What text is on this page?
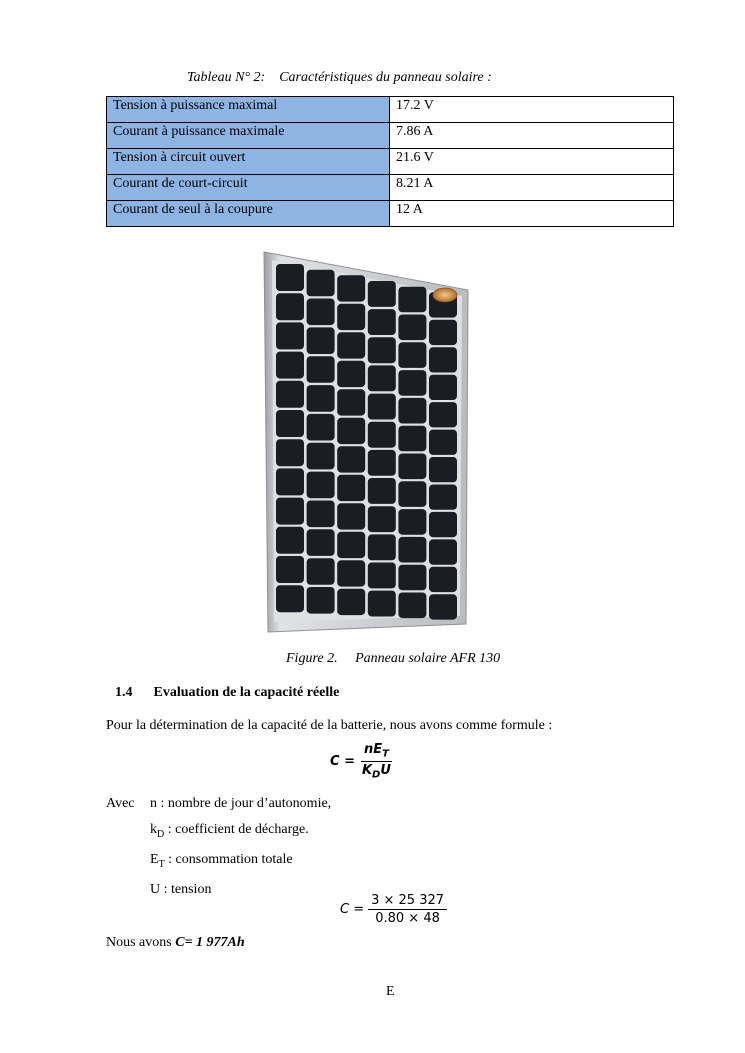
Tableau N° 2: Caractéristiques du panneau solaire :
Tension à puissance maximal	17.2 V
Courant à puissance maximale	7.86 A
Tension à circuit ouvert	21.6 V
Courant de court-circuit	8.21 A
Courant de seul à la coupure	12 A
Figure 2. Panneau solaire AFR 130
1.4 Evaluation de la capacité réelle
Pour la détermination de la capacité de la batterie, nous avons comme formule :
$C = \frac{nE_T}{K_DU}$
Avec n : nombre de jour d’autonomie,
$k_D$ : coefficient de décharge.
$E_T$ : consommation totale
U : tension
$C = \frac{3 \times 25 327}{0.80 \times 48}$
Nous avons C= 1 977Ah
E
